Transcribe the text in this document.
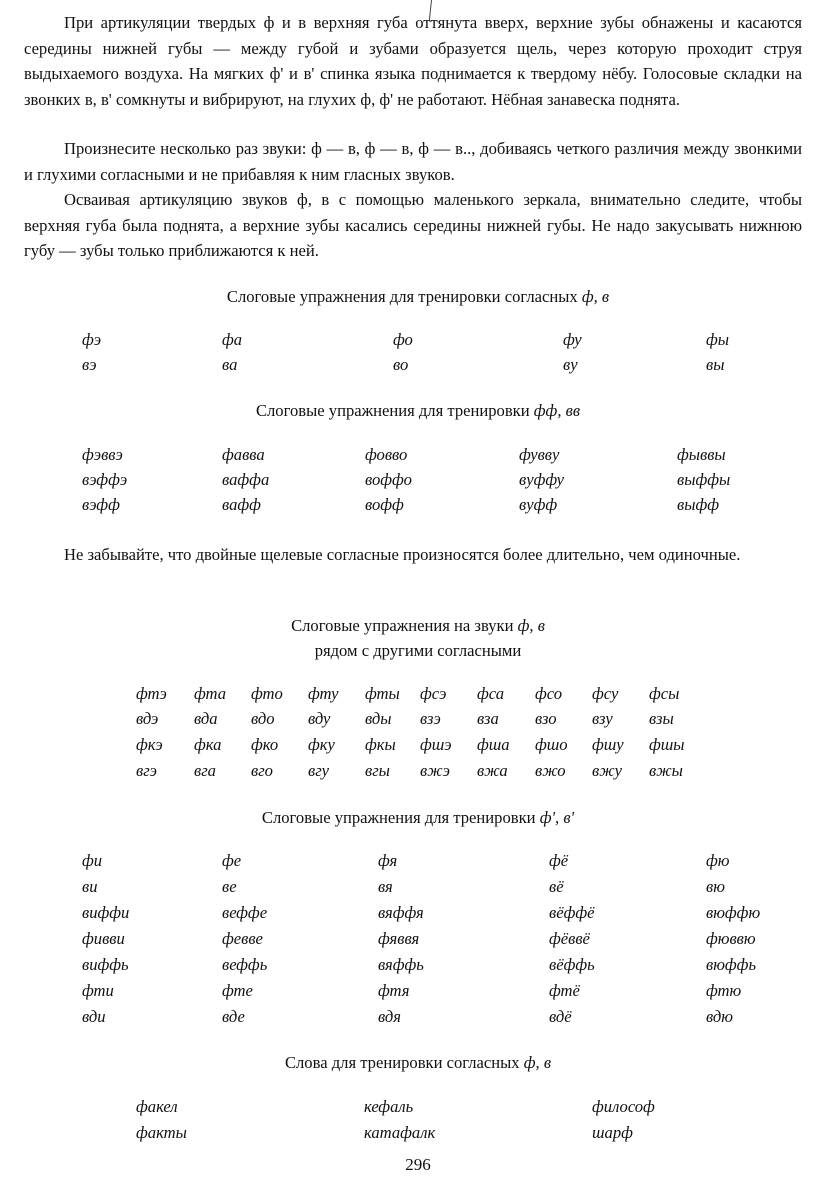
При артикуляции твердых ф и в верхняя губа оттянута вверх, верхние зубы обнажены и касаются середины нижней губы — между губой и зубами образуется щель, через которую проходит струя выдыхаемого воздуха. На мягких ф' и в' спинка языка поднимается к твердому нёбу. Голосовые складки на звонких в, в' сомкнуты и вибрируют, на глухих ф, ф' не работают. Нёбная занавеска поднята.

Произнесите несколько раз звуки: ф — в, ф — в, ф — в.., добиваясь четкого различия между звонкими и глухими согласными и не прибавляя к ним гласных звуков.

Осваивая артикуляцию звуков ф, в с помощью маленького зеркала, внимательно следите, чтобы верхняя губа была поднята, а верхние зубы касались середины нижней губы. Не надо закусывать нижнюю губу — зубы только приближаются к ней.

Слоговые упражнения для тренировки согласных ф, в

фэ	фа	фо	фу	фы
вэ	ва	во	ву	вы

Слоговые упражнения для тренировки фф, вв

фэввэ	фавва	фовво	фувву	фыввы
вэффэ	ваффа	воффо	вуффу	выффы
вэфф	вафф	вофф	вуфф	выфф

Не забывайте, что двойные щелевые согласные произносятся более длительно, чем одиночные.

Слоговые упражнения на звуки ф, в

рядом с другими согласными

фтэ фта фто фту фты фсэ фса фсо фсу фсы
вдэ вда вдо вду вды взэ вза взо взу взы
фкэ фка фко фку фкы фшэ фша фшо фшу фшы
вгэ вга вго вгу вгы вжэ вжа вжо вжу вжы

Слоговые упражнения для тренировки ф', в'

фи	фе	фя	фё	фю
ви	ве	вя	вё	вю
виффи	веффе	вяффя	вёффё	вюффю
фивви	февве	фяввя	фёввё	фюввю
виффь	веффь	вяффь	вёффь	вюффь
фти	фте	фтя	фтё	фтю
вди	вде	вдя	вдё	вдю

Слова для тренировки согласных ф, в

факел	кефаль	философ
факты	катафалк	шарф
296
